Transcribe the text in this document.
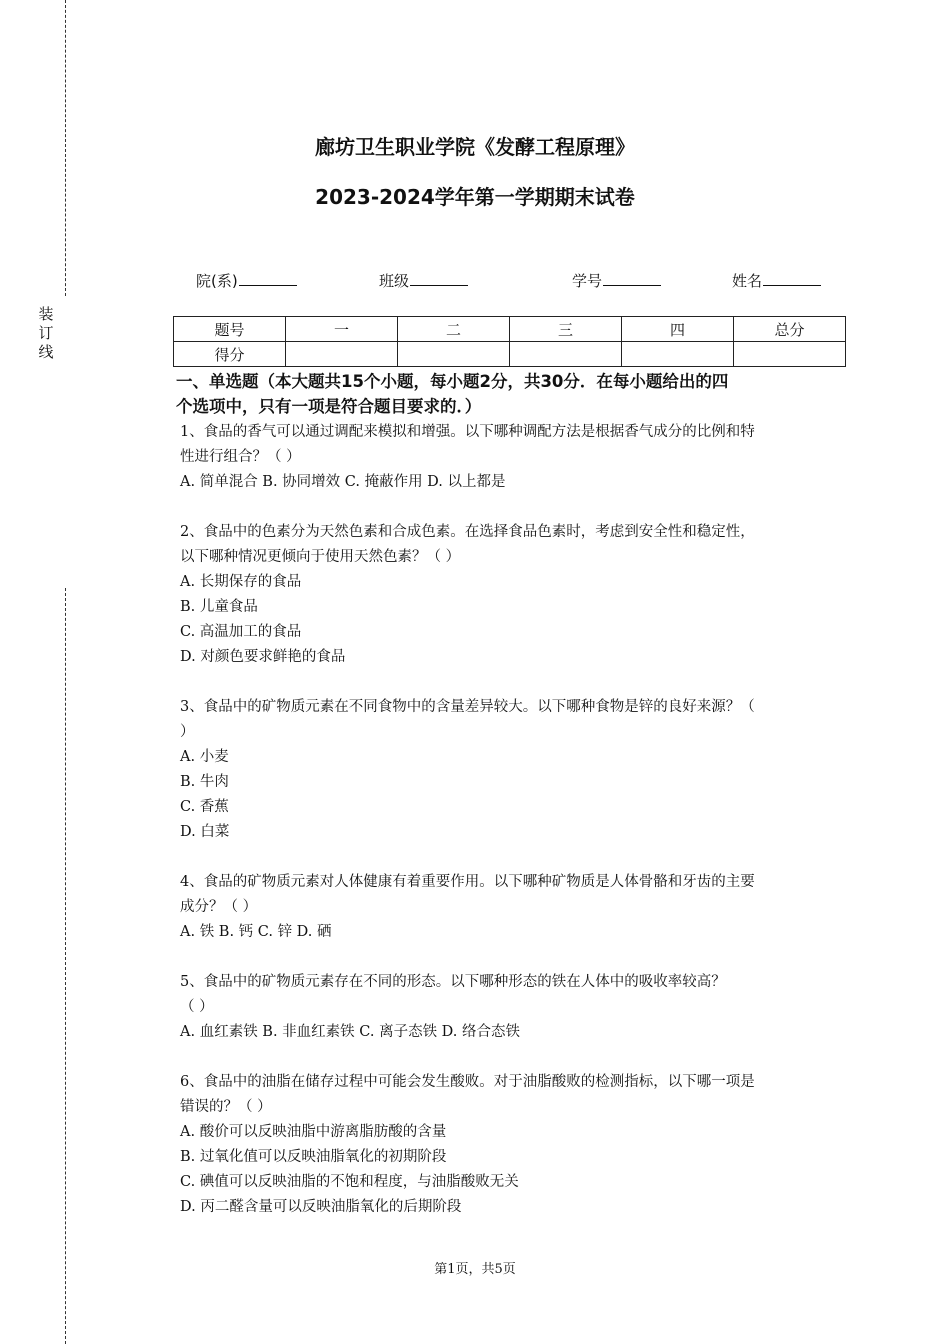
装
订
线
廊坊卫生职业学院《发酵工程原理》
2023-2024学年第一学期期末试卷
院(系)	班级	学号	姓名
题号	一	二	三	四	总分
得分					
一、单选题（本大题共15个小题，每小题2分，共30分．在每小题给出的四
个选项中，只有一项是符合题目要求的．）
1、食品的香气可以通过调配来模拟和增强。以下哪种调配方法是根据香气成分的比例和特
性进行组合？（ ）
A. 简单混合 B. 协同增效 C. 掩蔽作用 D. 以上都是
2、食品中的色素分为天然色素和合成色素。在选择食品色素时，考虑到安全性和稳定性，
以下哪种情况更倾向于使用天然色素？（ ）
A. 长期保存的食品
B. 儿童食品
C. 高温加工的食品
D. 对颜色要求鲜艳的食品
3、食品中的矿物质元素在不同食物中的含量差异较大。以下哪种食物是锌的良好来源？（
）
A. 小麦
B. 牛肉
C. 香蕉
D. 白菜
4、食品的矿物质元素对人体健康有着重要作用。以下哪种矿物质是人体骨骼和牙齿的主要
成分？（ ）
A. 铁 B. 钙 C. 锌 D. 硒
5、食品中的矿物质元素存在不同的形态。以下哪种形态的铁在人体中的吸收率较高？
（ ）
A. 血红素铁 B. 非血红素铁 C. 离子态铁 D. 络合态铁
6、食品中的油脂在储存过程中可能会发生酸败。对于油脂酸败的检测指标，以下哪一项是
错误的？（ ）
A. 酸价可以反映油脂中游离脂肪酸的含量
B. 过氧化值可以反映油脂氧化的初期阶段
C. 碘值可以反映油脂的不饱和程度，与油脂酸败无关
D. 丙二醛含量可以反映油脂氧化的后期阶段
第1页，共5页
